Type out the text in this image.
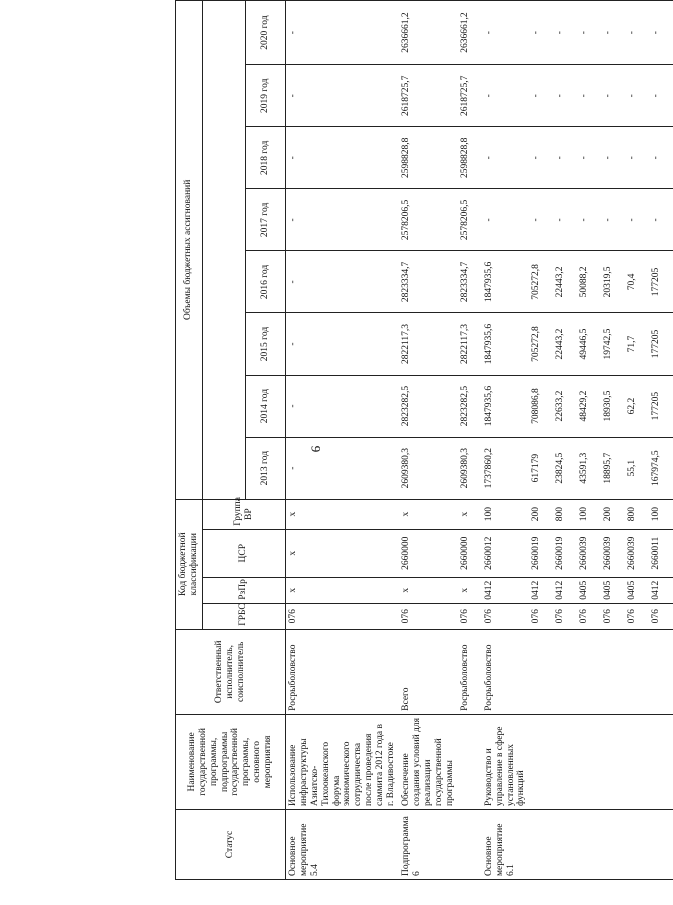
9
Статус	Наименование государственной программы, подпрограммы государственной программы, основного мероприятия	Ответственный исполнитель, соисполнитель	Код бюджетной классификации				Объемы бюджетных ассигнований							
			ГРБС	РзПр	ЦСР	Группа ВР								
							2013 год	2014 год	2015 год	2016 год	2017 год	2018 год	2019 год	2020 год
Основное мероприятие 5.4	Использование инфраструктуры Азиатско-Тихоокеанского форума экономического сотрудничества после проведения саммита 2012 года в г. Владивостоке	Росрыболовство	076	х	х	х	-	-	-	-	-	-	-	-
Подпрограмма 6	Обеспечение создания условий для реализации государственной программы	Всего	076	х	2660000	х	2609380,3	2823282,5	2822117,3	2823334,7	2578206,5	2598828,8	2618725,7	2636661,2
		Росрыболовство	076	х	2660000	х	2609380,3	2823282,5	2822117,3	2823334,7	2578206,5	2598828,8	2618725,7	2636661,2
Основное мероприятие 6.1	Руководство и управление в сфере установленных функций	Росрыболовство	076	0412	2660012	100	1737860,2	1847935,6	1847935,6	1847935,6	-	-	-	-
			076	0412	2660019	200	617179	708086,8	705272,8	705272,8	-	-	-	-
			076	0412	2660019	800	23824,5	22633,2	22443,2	22443,2	-	-	-	-
			076	0405	2660039	100	43591,3	48429,2	49446,5	50088,2	-	-	-	-
			076	0405	2660039	200	18895,7	18930,5	19742,5	20319,5	-	-	-	-
			076	0405	2660039	800	55,1	62,2	71,7	70,4	-	-	-	-
			076	0412	2660011	100	167974,5	177205	177205	177205	-	-	-	-
